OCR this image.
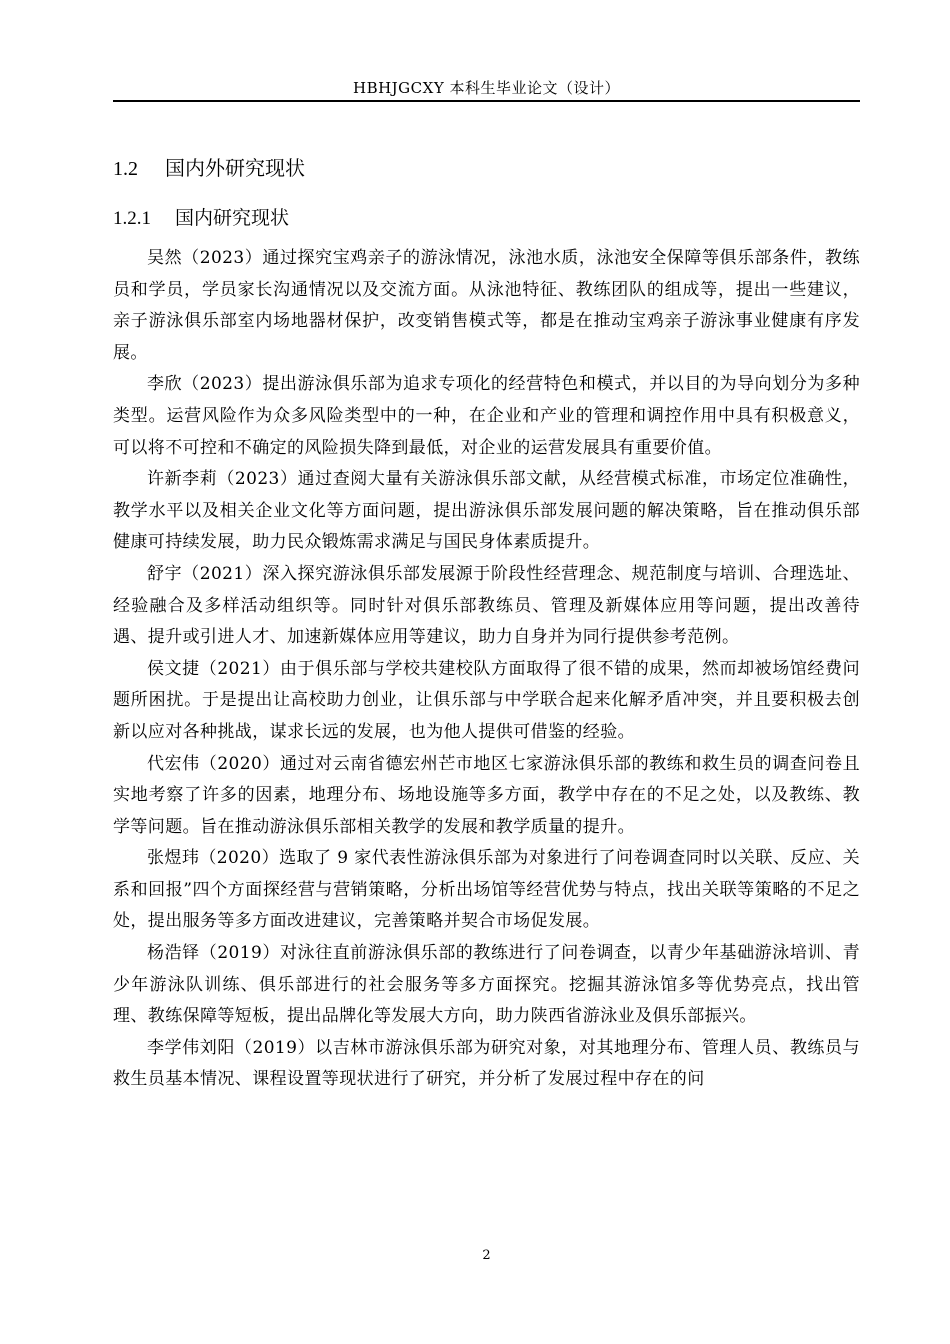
HBHJGCXY 本科生毕业论文（设计）
1.2 国内外研究现状
1.2.1 国内研究现状

吴然（2023）通过探究宝鸡亲子的游泳情况，泳池水质，泳池安全保障等俱乐部条件，教练员和学员，学员家长沟通情况以及交流方面。从泳池特征、教练团队的组成等，提出一些建议，亲子游泳俱乐部室内场地器材保护，改变销售模式等，都是在推动宝鸡亲子游泳事业健康有序发展。

李欣（2023）提出游泳俱乐部为追求专项化的经营特色和模式，并以目的为导向划分为多种类型。运营风险作为众多风险类型中的一种，在企业和产业的管理和调控作用中具有积极意义，可以将不可控和不确定的风险损失降到最低，对企业的运营发展具有重要价值。

许新李莉（2023）通过查阅大量有关游泳俱乐部文献，从经营模式标准，市场定位准确性，教学水平以及相关企业文化等方面问题，提出游泳俱乐部发展问题的解决策略，旨在推动俱乐部健康可持续发展，助力民众锻炼需求满足与国民身体素质提升。

舒宇（2021）深入探究游泳俱乐部发展源于阶段性经营理念、规范制度与培训、合理选址、经验融合及多样活动组织等。同时针对俱乐部教练员、管理及新媒体应用等问题，提出改善待遇、提升或引进人才、加速新媒体应用等建议，助力自身并为同行提供参考范例。

侯文捷（2021）由于俱乐部与学校共建校队方面取得了很不错的成果，然而却被场馆经费问题所困扰。于是提出让高校助力创业，让俱乐部与中学联合起来化解矛盾冲突，并且要积极去创新以应对各种挑战，谋求长远的发展，也为他人提供可借鉴的经验。

代宏伟（2020）通过对云南省德宏州芒市地区七家游泳俱乐部的教练和救生员的调查问卷且实地考察了许多的因素，地理分布、场地设施等多方面，教学中存在的不足之处，以及教练、教学等问题。旨在推动游泳俱乐部相关教学的发展和教学质量的提升。

张煜玮（2020）选取了 9 家代表性游泳俱乐部为对象进行了问卷调查同时以关联、反应、关系和回报”四个方面探经营与营销策略，分析出场馆等经营优势与特点，找出关联等策略的不足之处，提出服务等多方面改进建议，完善策略并契合市场促发展。

杨浩铎（2019）对泳往直前游泳俱乐部的教练进行了问卷调查，以青少年基础游泳培训、青少年游泳队训练、俱乐部进行的社会服务等多方面探究。挖掘其游泳馆多等优势亮点，找出管理、教练保障等短板，提出品牌化等发展大方向，助力陕西省游泳业及俱乐部振兴。

李学伟刘阳（2019）以吉林市游泳俱乐部为研究对象，对其地理分布、管理人员、教练员与救生员基本情况、课程设置等现状进行了研究，并分析了发展过程中存在的问

2
